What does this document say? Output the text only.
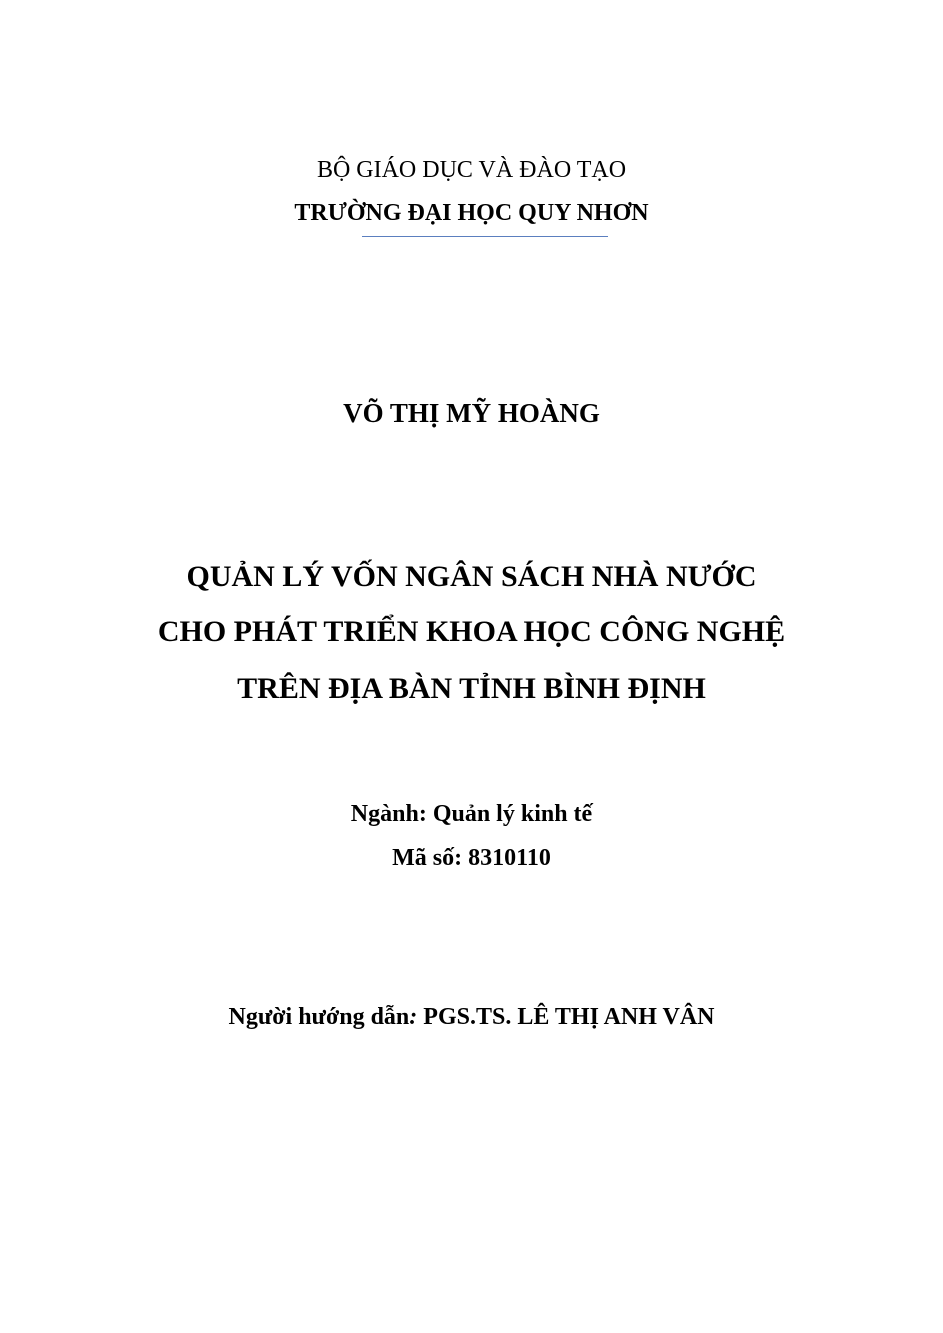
BỘ GIÁO DỤC VÀ ĐÀO TẠO
TRƯỜNG ĐẠI HỌC QUY NHƠN
VÕ THỊ MỸ HOÀNG
QUẢN LÝ VỐN NGÂN SÁCH NHÀ NƯỚC
CHO PHÁT TRIỂN KHOA HỌC CÔNG NGHỆ
TRÊN ĐỊA BÀN TỈNH BÌNH ĐỊNH
Ngành: Quản lý kinh tế
Mã số: 8310110
Người hướng dẫn: PGS.TS. LÊ THỊ ANH VÂN
